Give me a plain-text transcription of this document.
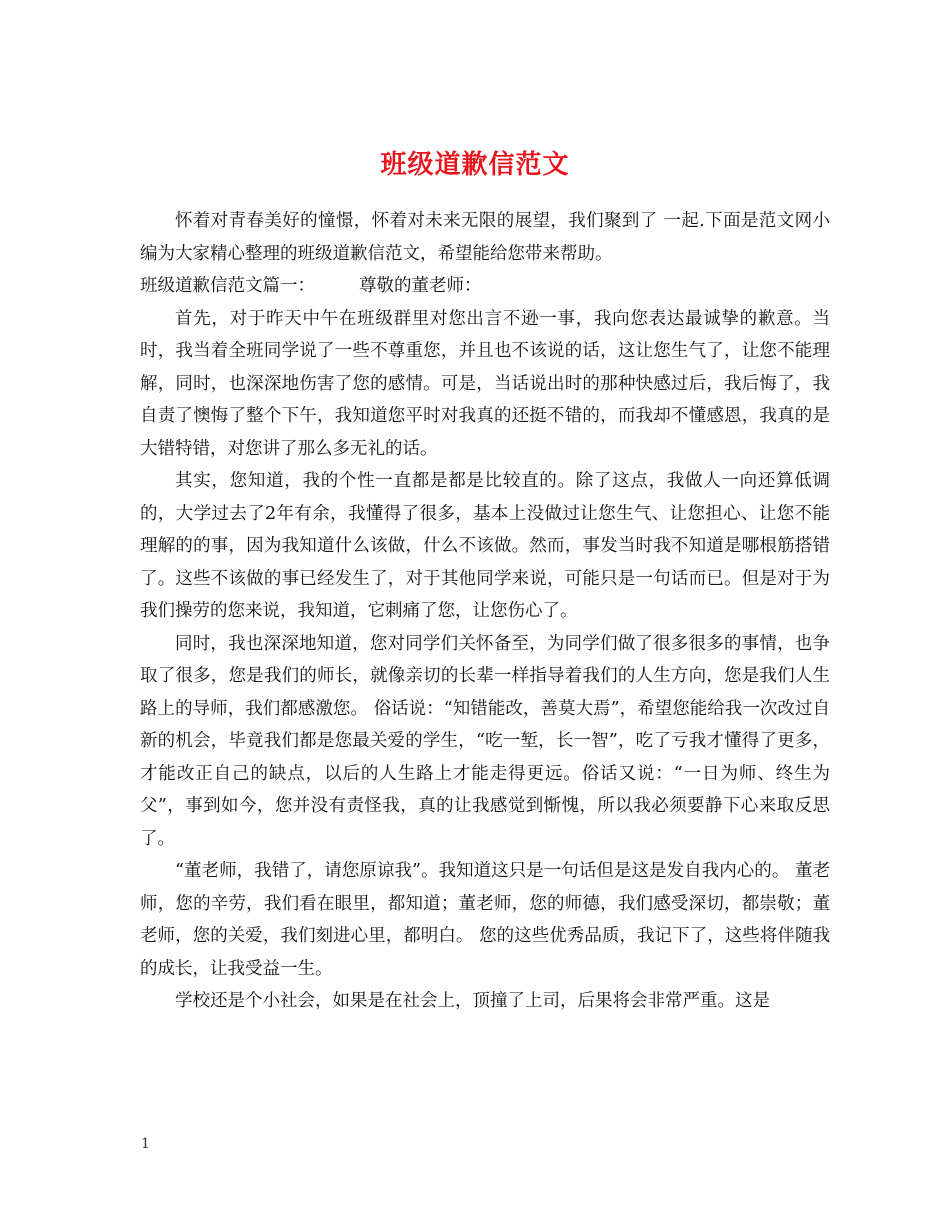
班级道歉信范文

怀着对青春美好的憧憬，怀着对未来无限的展望，我们聚到了 一起.下面是范文网小编为大家精心整理的班级道歉信范文，希望能给您带来帮助。

班级道歉信范文篇一：	尊敬的董老师：

首先，对于昨天中午在班级群里对您出言不逊一事，我向您表达最诚挚的歉意。当时，我当着全班同学说了一些不尊重您，并且也不该说的话，这让您生气了，让您不能理解，同时，也深深地伤害了您的感情。可是，当话说出时的那种快感过后，我后悔了，我自责了懊悔了整个下午，我知道您平时对我真的还挺不错的，而我却不懂感恩，我真的是大错特错，对您讲了那么多无礼的话。

其实，您知道，我的个性一直都是都是比较直的。除了这点，我做人一向还算低调的，大学过去了2年有余，我懂得了很多，基本上没做过让您生气、让您担心、让您不能理解的的事，因为我知道什么该做，什么不该做。然而，事发当时我不知道是哪根筋搭错了。这些不该做的事已经发生了，对于其他同学来说，可能只是一句话而已。但是对于为我们操劳的您来说，我知道，它刺痛了您，让您伤心了。

同时，我也深深地知道，您对同学们关怀备至，为同学们做了很多很多的事情，也争取了很多，您是我们的师长，就像亲切的长辈一样指导着我们的人生方向，您是我们人生路上的导师，我们都感激您。 俗话说：“知错能改，善莫大焉”，希望您能给我一次改过自新的机会，毕竟我们都是您最关爱的学生，“吃一堑，长一智”，吃了亏我才懂得了更多，才能改正自己的缺点，以后的人生路上才能走得更远。俗话又说：“一日为师、终生为父”，事到如今，您并没有责怪我，真的让我感觉到惭愧，所以我必须要静下心来取反思了。

“董老师，我错了，请您原谅我”。我知道这只是一句话但是这是发自我内心的。 董老师，您的辛劳，我们看在眼里，都知道；董老师，您的师德，我们感受深切，都崇敬；董老师，您的关爱，我们刻进心里，都明白。 您的这些优秀品质，我记下了，这些将伴随我的成长，让我受益一生。

学校还是个小社会，如果是在社会上，顶撞了上司，后果将会非常严重。这是

1
